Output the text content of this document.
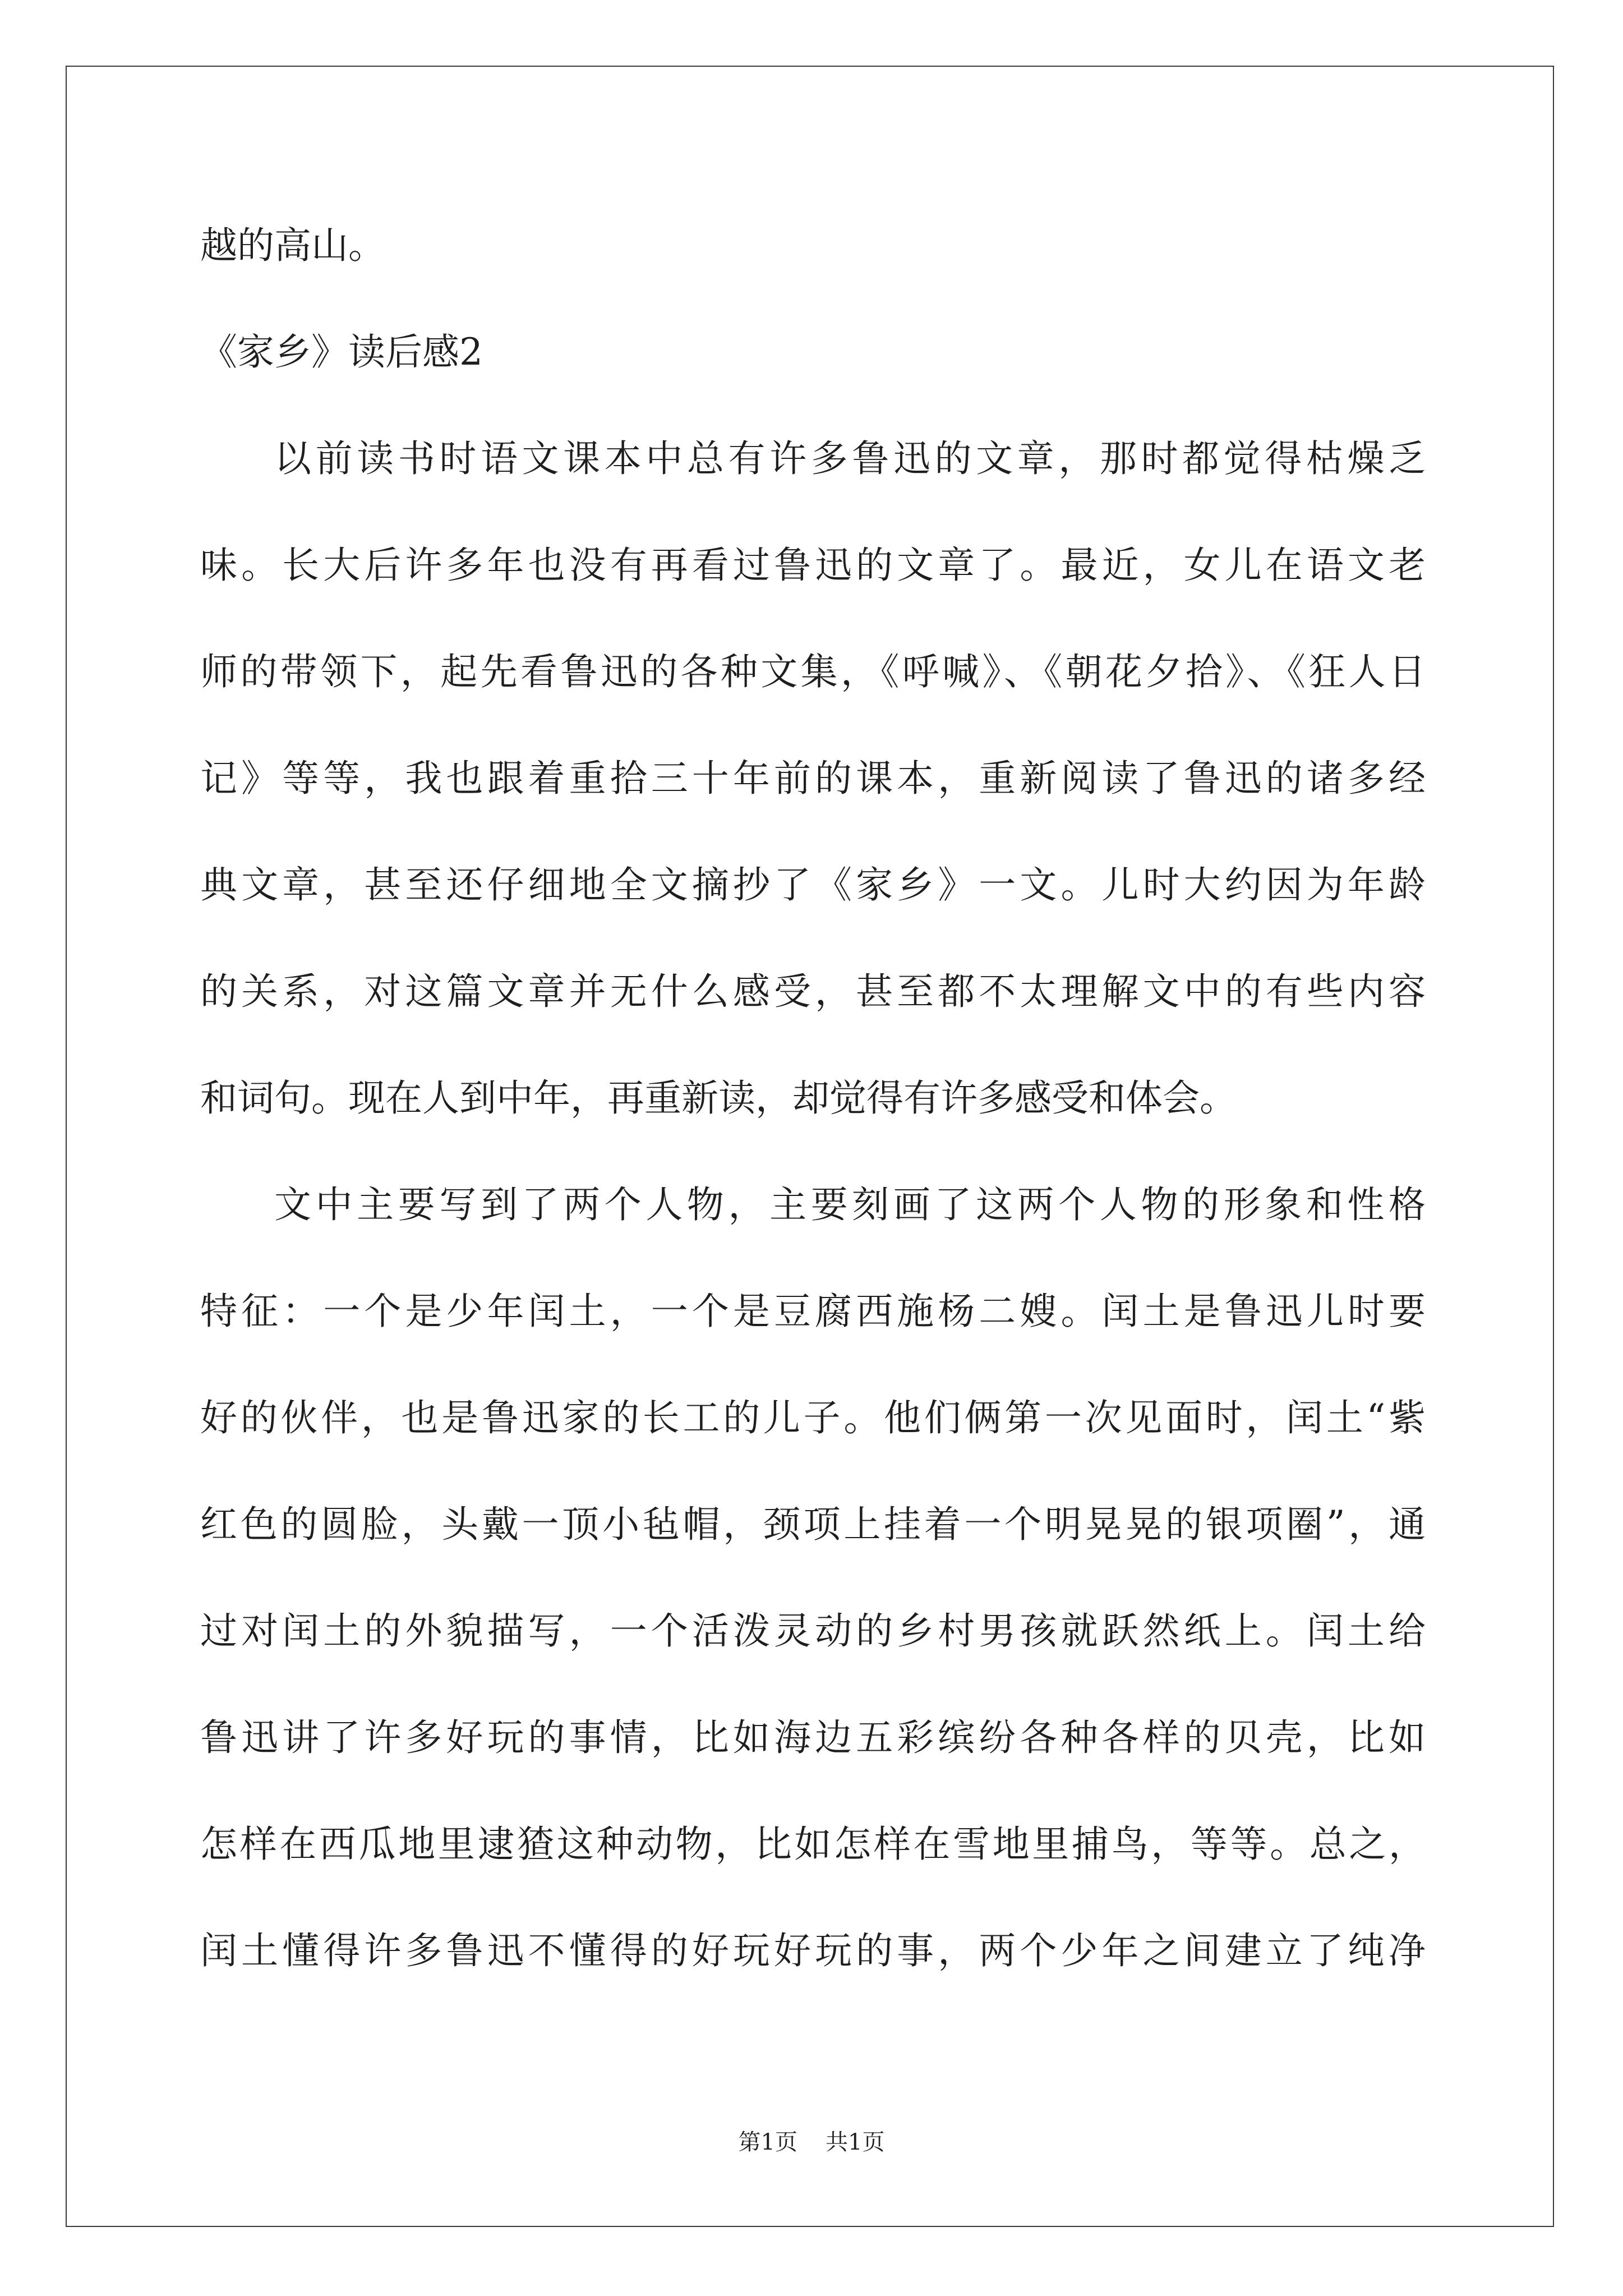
越的高山。
《家乡》读后感2
以前读书时语文课本中总有许多鲁迅的文章，那时都觉得枯燥乏
味。长大后许多年也没有再看过鲁迅的文章了。最近，女儿在语文老
师的带领下，起先看鲁迅的各种文集，《呼喊》、《朝花夕拾》、《狂人日
记》等等，我也跟着重拾三十年前的课本，重新阅读了鲁迅的诸多经
典文章，甚至还仔细地全文摘抄了《家乡》一文。儿时大约因为年龄
的关系，对这篇文章并无什么感受，甚至都不太理解文中的有些内容
和词句。现在人到中年，再重新读，却觉得有许多感受和体会。
文中主要写到了两个人物，主要刻画了这两个人物的形象和性格
特征：一个是少年闰土，一个是豆腐西施杨二嫂。闰土是鲁迅儿时要
好的伙伴，也是鲁迅家的长工的儿子。他们俩第一次见面时，闰土“紫
红色的圆脸，头戴一顶小毡帽，颈项上挂着一个明晃晃的银项圈”，通
过对闰土的外貌描写，一个活泼灵动的乡村男孩就跃然纸上。闰土给
鲁迅讲了许多好玩的事情，比如海边五彩缤纷各种各样的贝壳，比如
怎样在西瓜地里逮猹这种动物，比如怎样在雪地里捕鸟，等等。总之，
闰土懂得许多鲁迅不懂得的好玩好玩的事，两个少年之间建立了纯净
第1页 共1页
